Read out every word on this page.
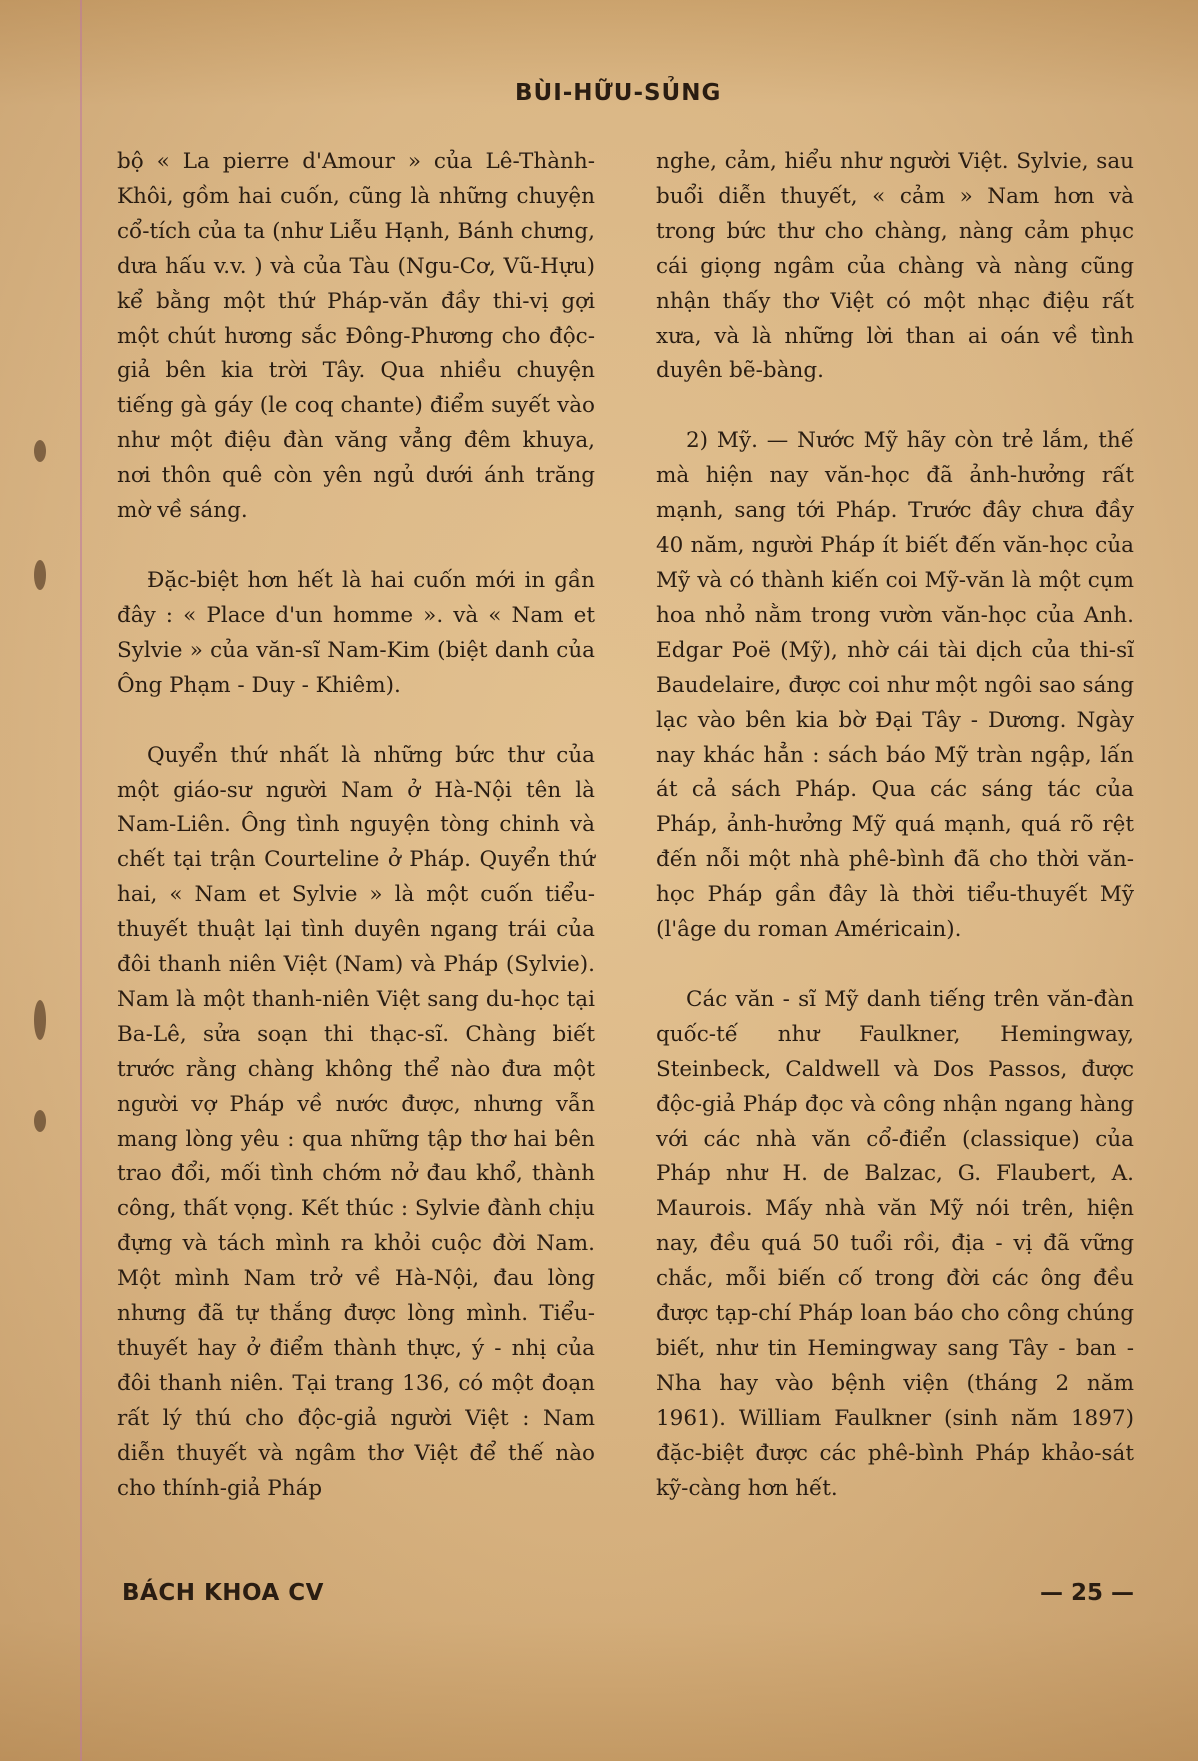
BÙI-HỮU-SỦNG

bộ « La pierre d'Amour » của Lê-Thành-Khôi, gồm hai cuốn, cũng là những chuyện cổ-tích của ta (như Liễu Hạnh, Bánh chưng, dưa hấu v.v. ) và của Tàu (Ngu-Cơ, Vũ-Hựu) kể bằng một thứ Pháp-văn đầy thi-vị gợi một chút hương sắc Đông-Phương cho độc-giả bên kia trời Tây. Qua nhiều chuyện tiếng gà gáy (le coq chante) điểm suyết vào như một điệu đàn văng vẳng đêm khuya, nơi thôn quê còn yên ngủ dưới ánh trăng mờ về sáng.

Đặc-biệt hơn hết là hai cuốn mới in gần đây : « Place d'un homme ». và « Nam et Sylvie » của văn-sĩ Nam-Kim (biệt danh của Ông Phạm - Duy - Khiêm).

Quyển thứ nhất là những bức thư của một giáo-sư người Nam ở Hà-Nội tên là Nam-Liên. Ông tình nguyện tòng chinh và chết tại trận Courteline ở Pháp. Quyển thứ hai, « Nam et Sylvie » là một cuốn tiểu-thuyết thuật lại tình duyên ngang trái của đôi thanh niên Việt (Nam) và Pháp (Sylvie). Nam là một thanh-niên Việt sang du-học tại Ba-Lê, sửa soạn thi thạc-sĩ. Chàng biết trước rằng chàng không thể nào đưa một người vợ Pháp về nước được, nhưng vẫn mang lòng yêu : qua những tập thơ hai bên trao đổi, mối tình chớm nở đau khổ, thành công, thất vọng. Kết thúc : Sylvie đành chịu đựng và tách mình ra khỏi cuộc đời Nam. Một mình Nam trở về Hà-Nội, đau lòng nhưng đã tự thắng được lòng mình. Tiểu-thuyết hay ở điểm thành thực, ý - nhị của đôi thanh niên. Tại trang 136, có một đoạn rất lý thú cho độc-giả người Việt : Nam diễn thuyết và ngâm thơ Việt để thế nào cho thính-giả Pháp

nghe, cảm, hiểu như người Việt. Sylvie, sau buổi diễn thuyết, « cảm » Nam hơn và trong bức thư cho chàng, nàng cảm phục cái giọng ngâm của chàng và nàng cũng nhận thấy thơ Việt có một nhạc điệu rất xưa, và là những lời than ai oán về tình duyên bẽ-bàng.

2) Mỹ. — Nước Mỹ hãy còn trẻ lắm, thế mà hiện nay văn-học đã ảnh-hưởng rất mạnh, sang tới Pháp. Trước đây chưa đầy 40 năm, người Pháp ít biết đến văn-học của Mỹ và có thành kiến coi Mỹ-văn là một cụm hoa nhỏ nằm trong vườn văn-học của Anh. Edgar Poë (Mỹ), nhờ cái tài dịch của thi-sĩ Baudelaire, được coi như một ngôi sao sáng lạc vào bên kia bờ Đại Tây - Dương. Ngày nay khác hẳn : sách báo Mỹ tràn ngập, lấn át cả sách Pháp. Qua các sáng tác của Pháp, ảnh-hưởng Mỹ quá mạnh, quá rõ rệt đến nỗi một nhà phê-bình đã cho thời văn-học Pháp gần đây là thời tiểu-thuyết Mỹ (l'âge du roman Américain).

Các văn - sĩ Mỹ danh tiếng trên văn-đàn quốc-tế như Faulkner, Hemingway, Steinbeck, Caldwell và Dos Passos, được độc-giả Pháp đọc và công nhận ngang hàng với các nhà văn cổ-điển (classique) của Pháp như H. de Balzac, G. Flaubert, A. Maurois. Mấy nhà văn Mỹ nói trên, hiện nay, đều quá 50 tuổi rồi, địa - vị đã vững chắc, mỗi biến cố trong đời các ông đều được tạp-chí Pháp loan báo cho công chúng biết, như tin Hemingway sang Tây - ban - Nha hay vào bệnh viện (tháng 2 năm 1961). William Faulkner (sinh năm 1897) đặc-biệt được các phê-bình Pháp khảo-sát kỹ-càng hơn hết.

BÁCH KHOA CV	— 25 —
